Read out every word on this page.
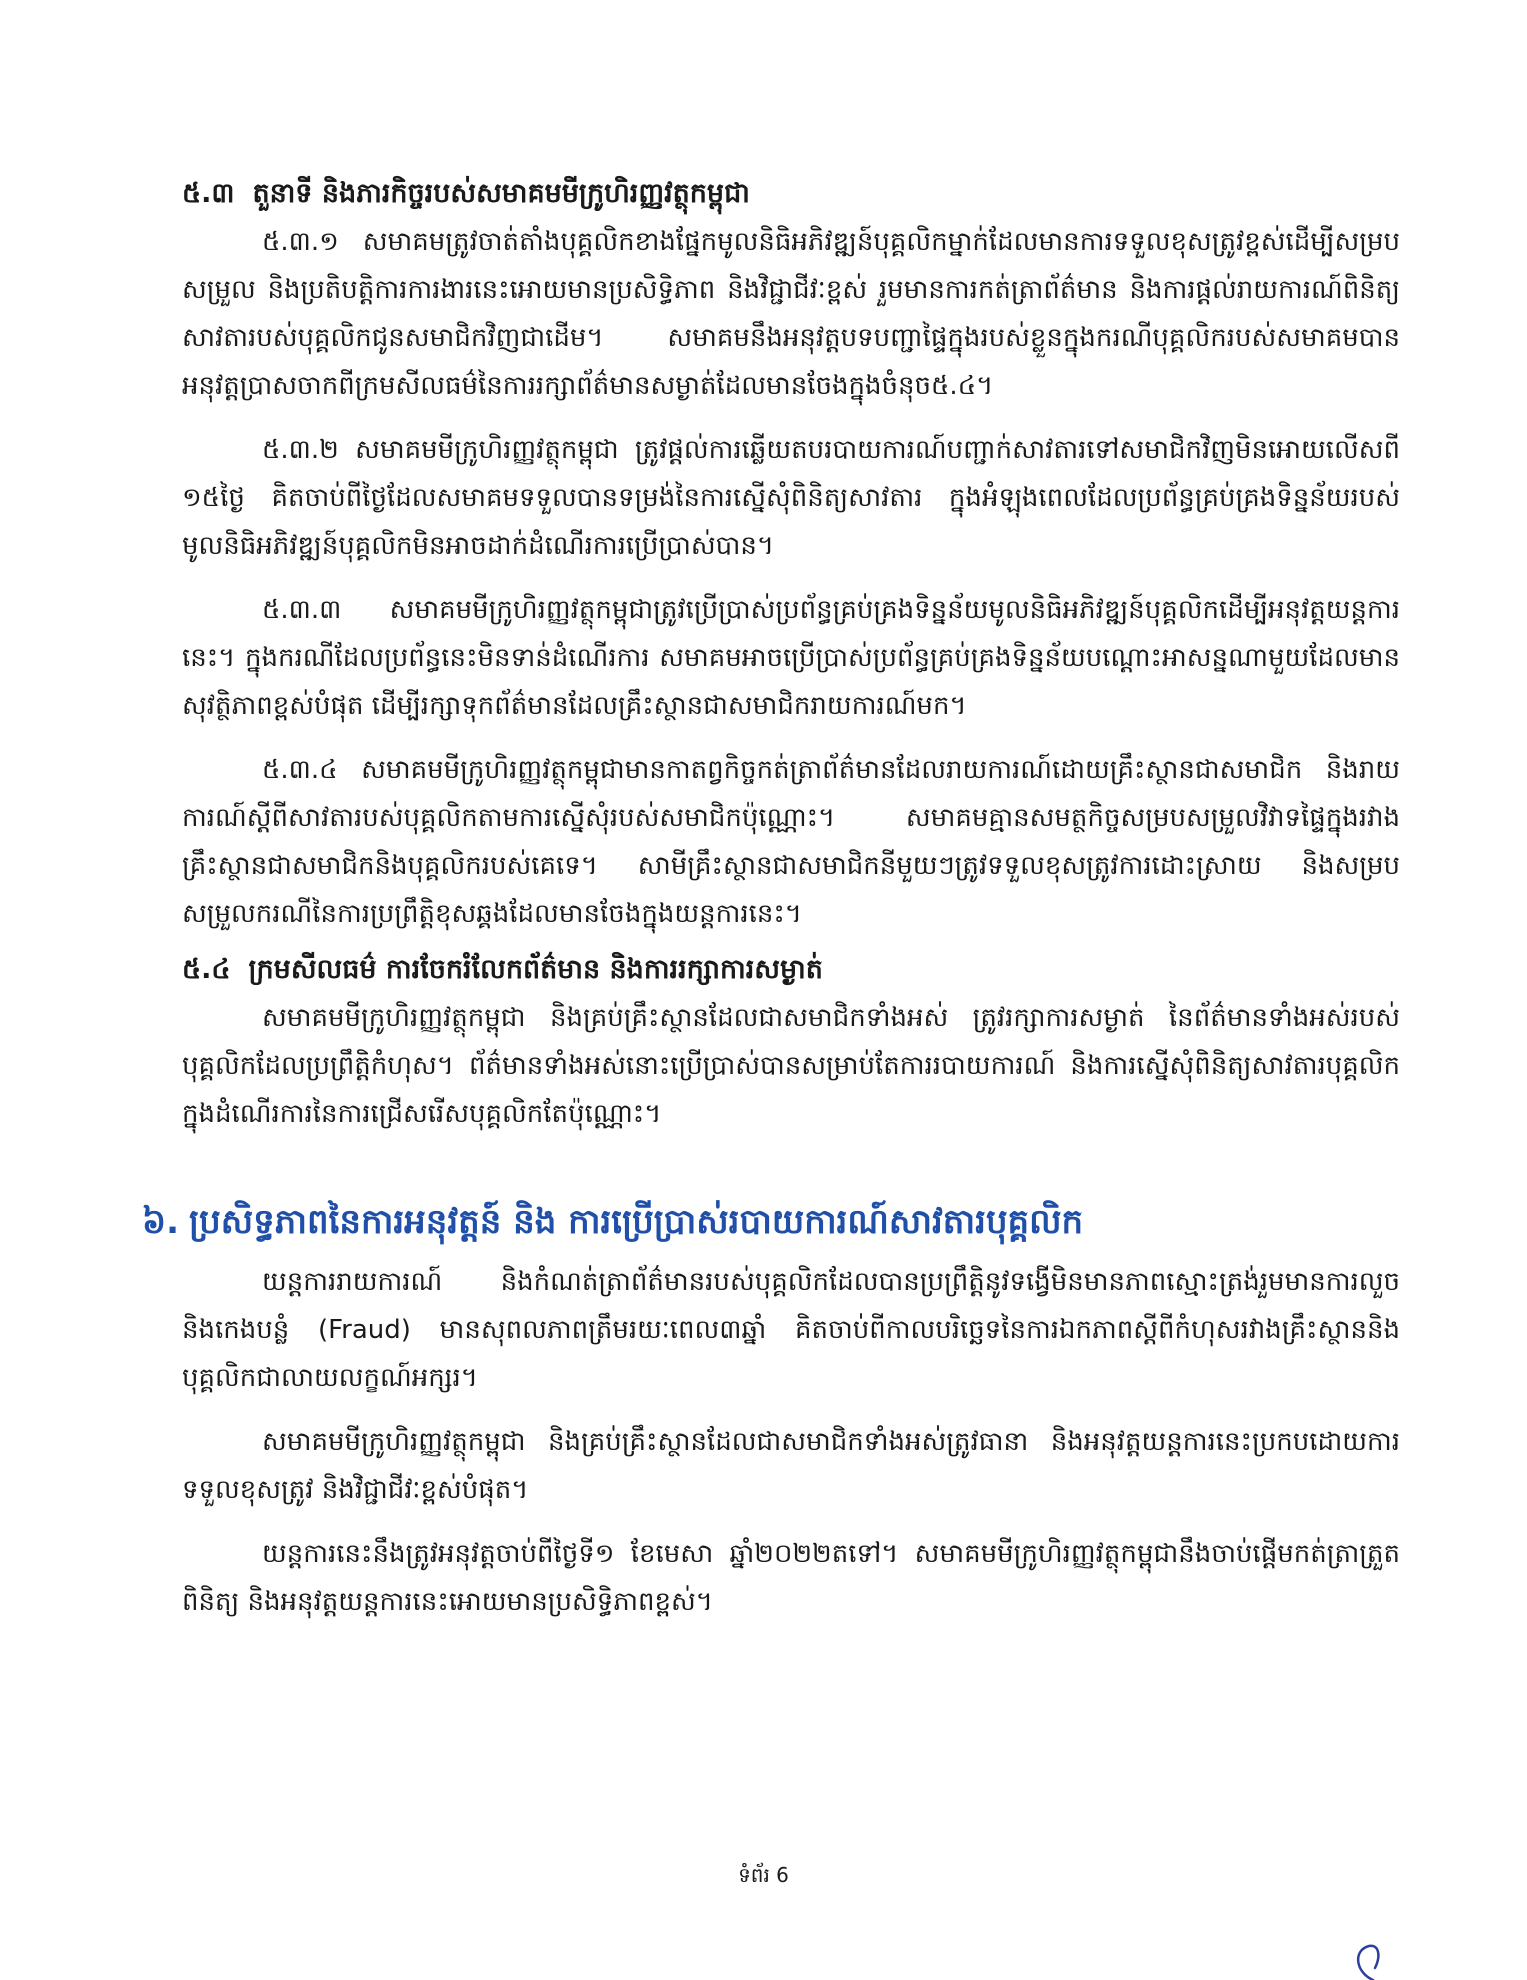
៥.៣ តួនាទី និងភារកិច្ចរបស់សមាគមមីក្រូហិរញ្ញវត្ថុកម្ពុជា

៥.៣.១ សមាគមត្រូវចាត់តាំងបុគ្គលិកខាងផ្នែកមូលនិធិអភិវឌ្ឍន៍បុគ្គលិកម្នាក់ដែលមានការទទួលខុសត្រូវខ្ពស់ដើម្បីសម្របសម្រួល និងប្រតិបត្តិការការងារនេះអោយមានប្រសិទ្ធិភាព និងវិជ្ជាជីវៈខ្ពស់ រួមមានការកត់ត្រាព័ត៌មាន និងការផ្តល់រាយការណ៍ពិនិត្យសាវតារបស់បុគ្គលិកជូនសមាជិកវិញជាដើម។ សមាគមនឹងអនុវត្តបទបញ្ជាផ្ទៃក្នុងរបស់ខ្លួនក្នុងករណីបុគ្គលិករបស់សមាគមបានអនុវត្តប្រាសចាកពីក្រមសីលធម៌នៃការរក្សាព័ត៌មានសម្ងាត់ដែលមានចែងក្នុងចំនុច៥.៤។

៥.៣.២ សមាគមមីក្រូហិរញ្ញវត្ថុកម្ពុជា ត្រូវផ្តល់ការឆ្លើយតបរបាយការណ៍បញ្ជាក់សាវតារទៅសមាជិកវិញមិនអោយលើសពី ១៥ថ្ងៃ គិតចាប់ពីថ្ងៃដែលសមាគមទទួលបានទម្រង់នៃការស្នើសុំពិនិត្យសាវតារ ក្នុងអំឡុងពេលដែលប្រព័ន្ធគ្រប់គ្រងទិន្នន័យរបស់មូលនិធិអភិវឌ្ឍន៍បុគ្គលិកមិនអាចដាក់ដំណើរការប្រើប្រាស់បាន។

៥.៣.៣ សមាគមមីក្រូហិរញ្ញវត្ថុកម្ពុជាត្រូវប្រើប្រាស់ប្រព័ន្ធគ្រប់គ្រងទិន្នន័យមូលនិធិអភិវឌ្ឍន៍បុគ្គលិកដើម្បីអនុវត្តយន្តការនេះ។ ក្នុងករណីដែលប្រព័ន្ធនេះមិនទាន់ដំណើរការ សមាគមអាចប្រើប្រាស់ប្រព័ន្ធគ្រប់គ្រងទិន្នន័យបណ្តោះអាសន្នណាមួយដែលមានសុវត្ថិភាពខ្ពស់បំផុត ដើម្បីរក្សាទុកព័ត៌មានដែលគ្រឹះស្ថានជាសមាជិករាយការណ៍មក។

៥.៣.៤ សមាគមមីក្រូហិរញ្ញវត្ថុកម្ពុជាមានកាតព្វកិច្ចកត់ត្រាព័ត៌មានដែលរាយការណ៍ដោយគ្រឹះស្ថានជាសមាជិក និងរាយការណ៍ស្តីពីសាវតារបស់បុគ្គលិកតាមការស្នើសុំរបស់សមាជិកប៉ុណ្ណោះ។ សមាគមគ្មានសមត្ថកិច្ចសម្របសម្រួលវិវាទផ្ទៃក្នុងរវាងគ្រឹះស្ថានជាសមាជិកនិងបុគ្គលិករបស់គេទេ។ សាមីគ្រឹះស្ថានជាសមាជិកនីមួយៗត្រូវទទួលខុសត្រូវការដោះស្រាយ និងសម្របសម្រួលករណីនៃការប្រព្រឹត្តិខុសឆ្គងដែលមានចែងក្នុងយន្តការនេះ។

៥.៤ ក្រមសីលធម៌ ការចែករំលែកព័ត៌មាន និងការរក្សាការសម្ងាត់

សមាគមមីក្រូហិរញ្ញវត្ថុកម្ពុជា និងគ្រប់គ្រឹះស្ថានដែលជាសមាជិកទាំងអស់ ត្រូវរក្សាការសម្ងាត់ នៃព័ត៌មានទាំងអស់របស់បុគ្គលិកដែលប្រព្រឹត្តិកំហុស។ ព័ត៌មានទាំងអស់នោះប្រើប្រាស់បានសម្រាប់តែការរបាយការណ៍ និងការស្នើសុំពិនិត្យសាវតារបុគ្គលិកក្នុងដំណើរការនៃការជ្រើសរើសបុគ្គលិកតែប៉ុណ្ណោះ។

៦. ប្រសិទ្ធភាពនៃការអនុវត្តន៍ និង ការប្រើប្រាស់របាយការណ៍សាវតារបុគ្គលិក

យន្តការរាយការណ៍ និងកំណត់ត្រាព័ត៌មានរបស់បុគ្គលិកដែលបានប្រព្រឹត្តិនូវទង្វើមិនមានភាពស្មោះត្រង់រួមមានការលួច និងកេងបន្លំ (Fraud) មានសុពលភាពត្រឹមរយៈពេល៣ឆ្នាំ គិតចាប់ពីកាលបរិច្ឆេទនៃការឯកភាពស្តីពីកំហុសរវាងគ្រឹះស្ថាននិងបុគ្គលិកជាលាយលក្ខណ៍អក្សរ។

សមាគមមីក្រូហិរញ្ញវត្ថុកម្ពុជា និងគ្រប់គ្រឹះស្ថានដែលជាសមាជិកទាំងអស់ត្រូវធានា និងអនុវត្តយន្តការនេះប្រកបដោយការទទួលខុសត្រូវ និងវិជ្ជាជីវៈខ្ពស់បំផុត។

យន្តការនេះនឹងត្រូវអនុវត្តចាប់ពីថ្ងៃទី១ ខែមេសា ឆ្នាំ២០២២តទៅ។ សមាគមមីក្រូហិរញ្ញវត្ថុកម្ពុជានឹងចាប់ផ្តើមកត់ត្រាត្រួតពិនិត្យ និងអនុវត្តយន្តការនេះអោយមានប្រសិទ្ធិភាពខ្ពស់។

ទំព័រ 6
